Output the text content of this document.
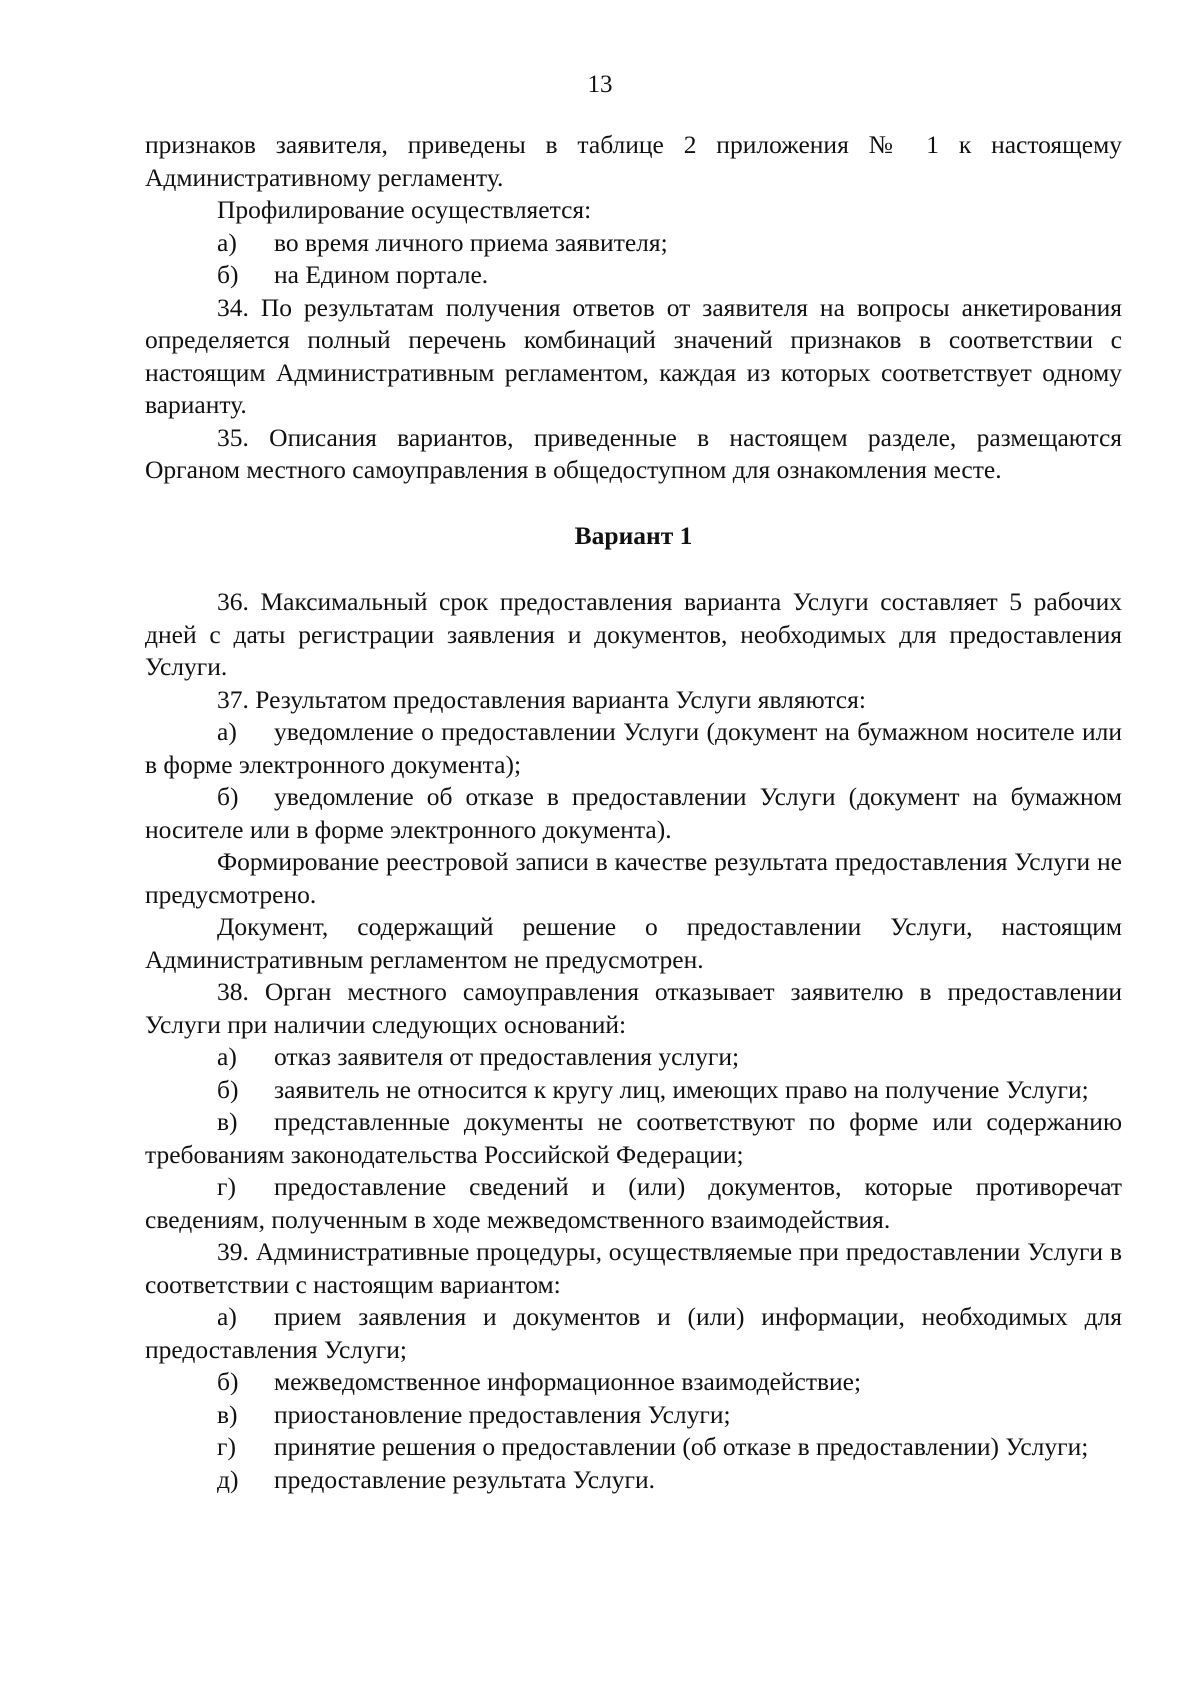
13

признаков заявителя, приведены в таблице 2 приложения № 1 к настоящему Административному регламенту.

Профилирование осуществляется:

а) во время личного приема заявителя;

б) на Едином портале.

34. По результатам получения ответов от заявителя на вопросы анкетирования определяется полный перечень комбинаций значений признаков в соответствии с настоящим Административным регламентом, каждая из которых соответствует одному варианту.

35. Описания вариантов, приведенные в настоящем разделе, размещаются Органом местного самоуправления в общедоступном для ознакомления месте.

Вариант 1

36. Максимальный срок предоставления варианта Услуги составляет 5 рабочих дней с даты регистрации заявления и документов, необходимых для предоставления Услуги.

37. Результатом предоставления варианта Услуги являются:

а) уведомление о предоставлении Услуги (документ на бумажном носителе или в форме электронного документа);

б) уведомление об отказе в предоставлении Услуги (документ на бумажном носителе или в форме электронного документа).

Формирование реестровой записи в качестве результата предоставления Услуги не предусмотрено.

Документ, содержащий решение о предоставлении Услуги, настоящим Административным регламентом не предусмотрен.

38. Орган местного самоуправления отказывает заявителю в предоставлении Услуги при наличии следующих оснований:

а) отказ заявителя от предоставления услуги;

б) заявитель не относится к кругу лиц, имеющих право на получение Услуги;

в) представленные документы не соответствуют по форме или содержанию требованиям законодательства Российской Федерации;

г) предоставление сведений и (или) документов, которые противоречат сведениям, полученным в ходе межведомственного взаимодействия.

39. Административные процедуры, осуществляемые при предоставлении Услуги в соответствии с настоящим вариантом:

а) прием заявления и документов и (или) информации, необходимых для предоставления Услуги;

б) межведомственное информационное взаимодействие;

в) приостановление предоставления Услуги;

г) принятие решения о предоставлении (об отказе в предоставлении) Услуги;

д) предоставление результата Услуги.
